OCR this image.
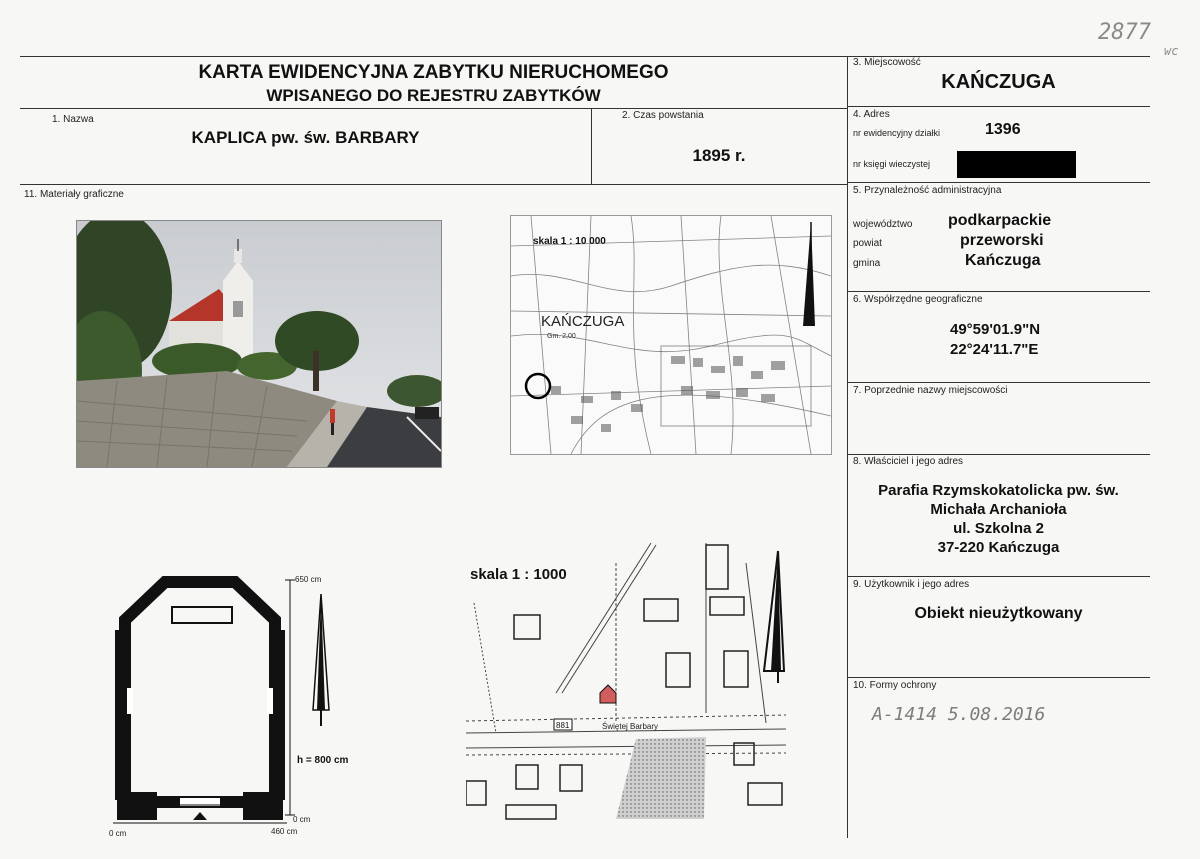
2877
wc
KARTA EWIDENCYJNA ZABYTKU NIERUCHOMEGO
WPISANEGO DO REJESTRU ZABYTKÓW
1. Nazwa
KAPLICA pw. św. BARBARY
2. Czas powstania
1895 r.
11. Materiały graficzne
3. Miejscowość
KAŃCZUGA
4. Adres
nr ewidencyjny działki	1396
nr księgi wieczystej
5. Przynależność administracyjna
województwo podkarpackie
powiat	przeworski
gmina	Kańczuga
6. Współrzędne geograficzne
49°59'01.9"N
22°24'11.7"E
7. Poprzednie nazwy miejscowości
8. Właściciel i jego adres
Parafia Rzymskokatolicka pw. św.
Michała Archanioła
ul. Szkolna 2
37-220 Kańczuga
9. Użytkownik i jego adres
Obiekt nieużytkowany
10. Formy ochrony
A-1414 5.08.2016
skala 1 : 10 000
KAŃCZUGA
Gm. 2,00
650 cm
h = 800 cm
0 cm
0 cm	460 cm
881	Świętej Barbary
skala 1 : 1000
